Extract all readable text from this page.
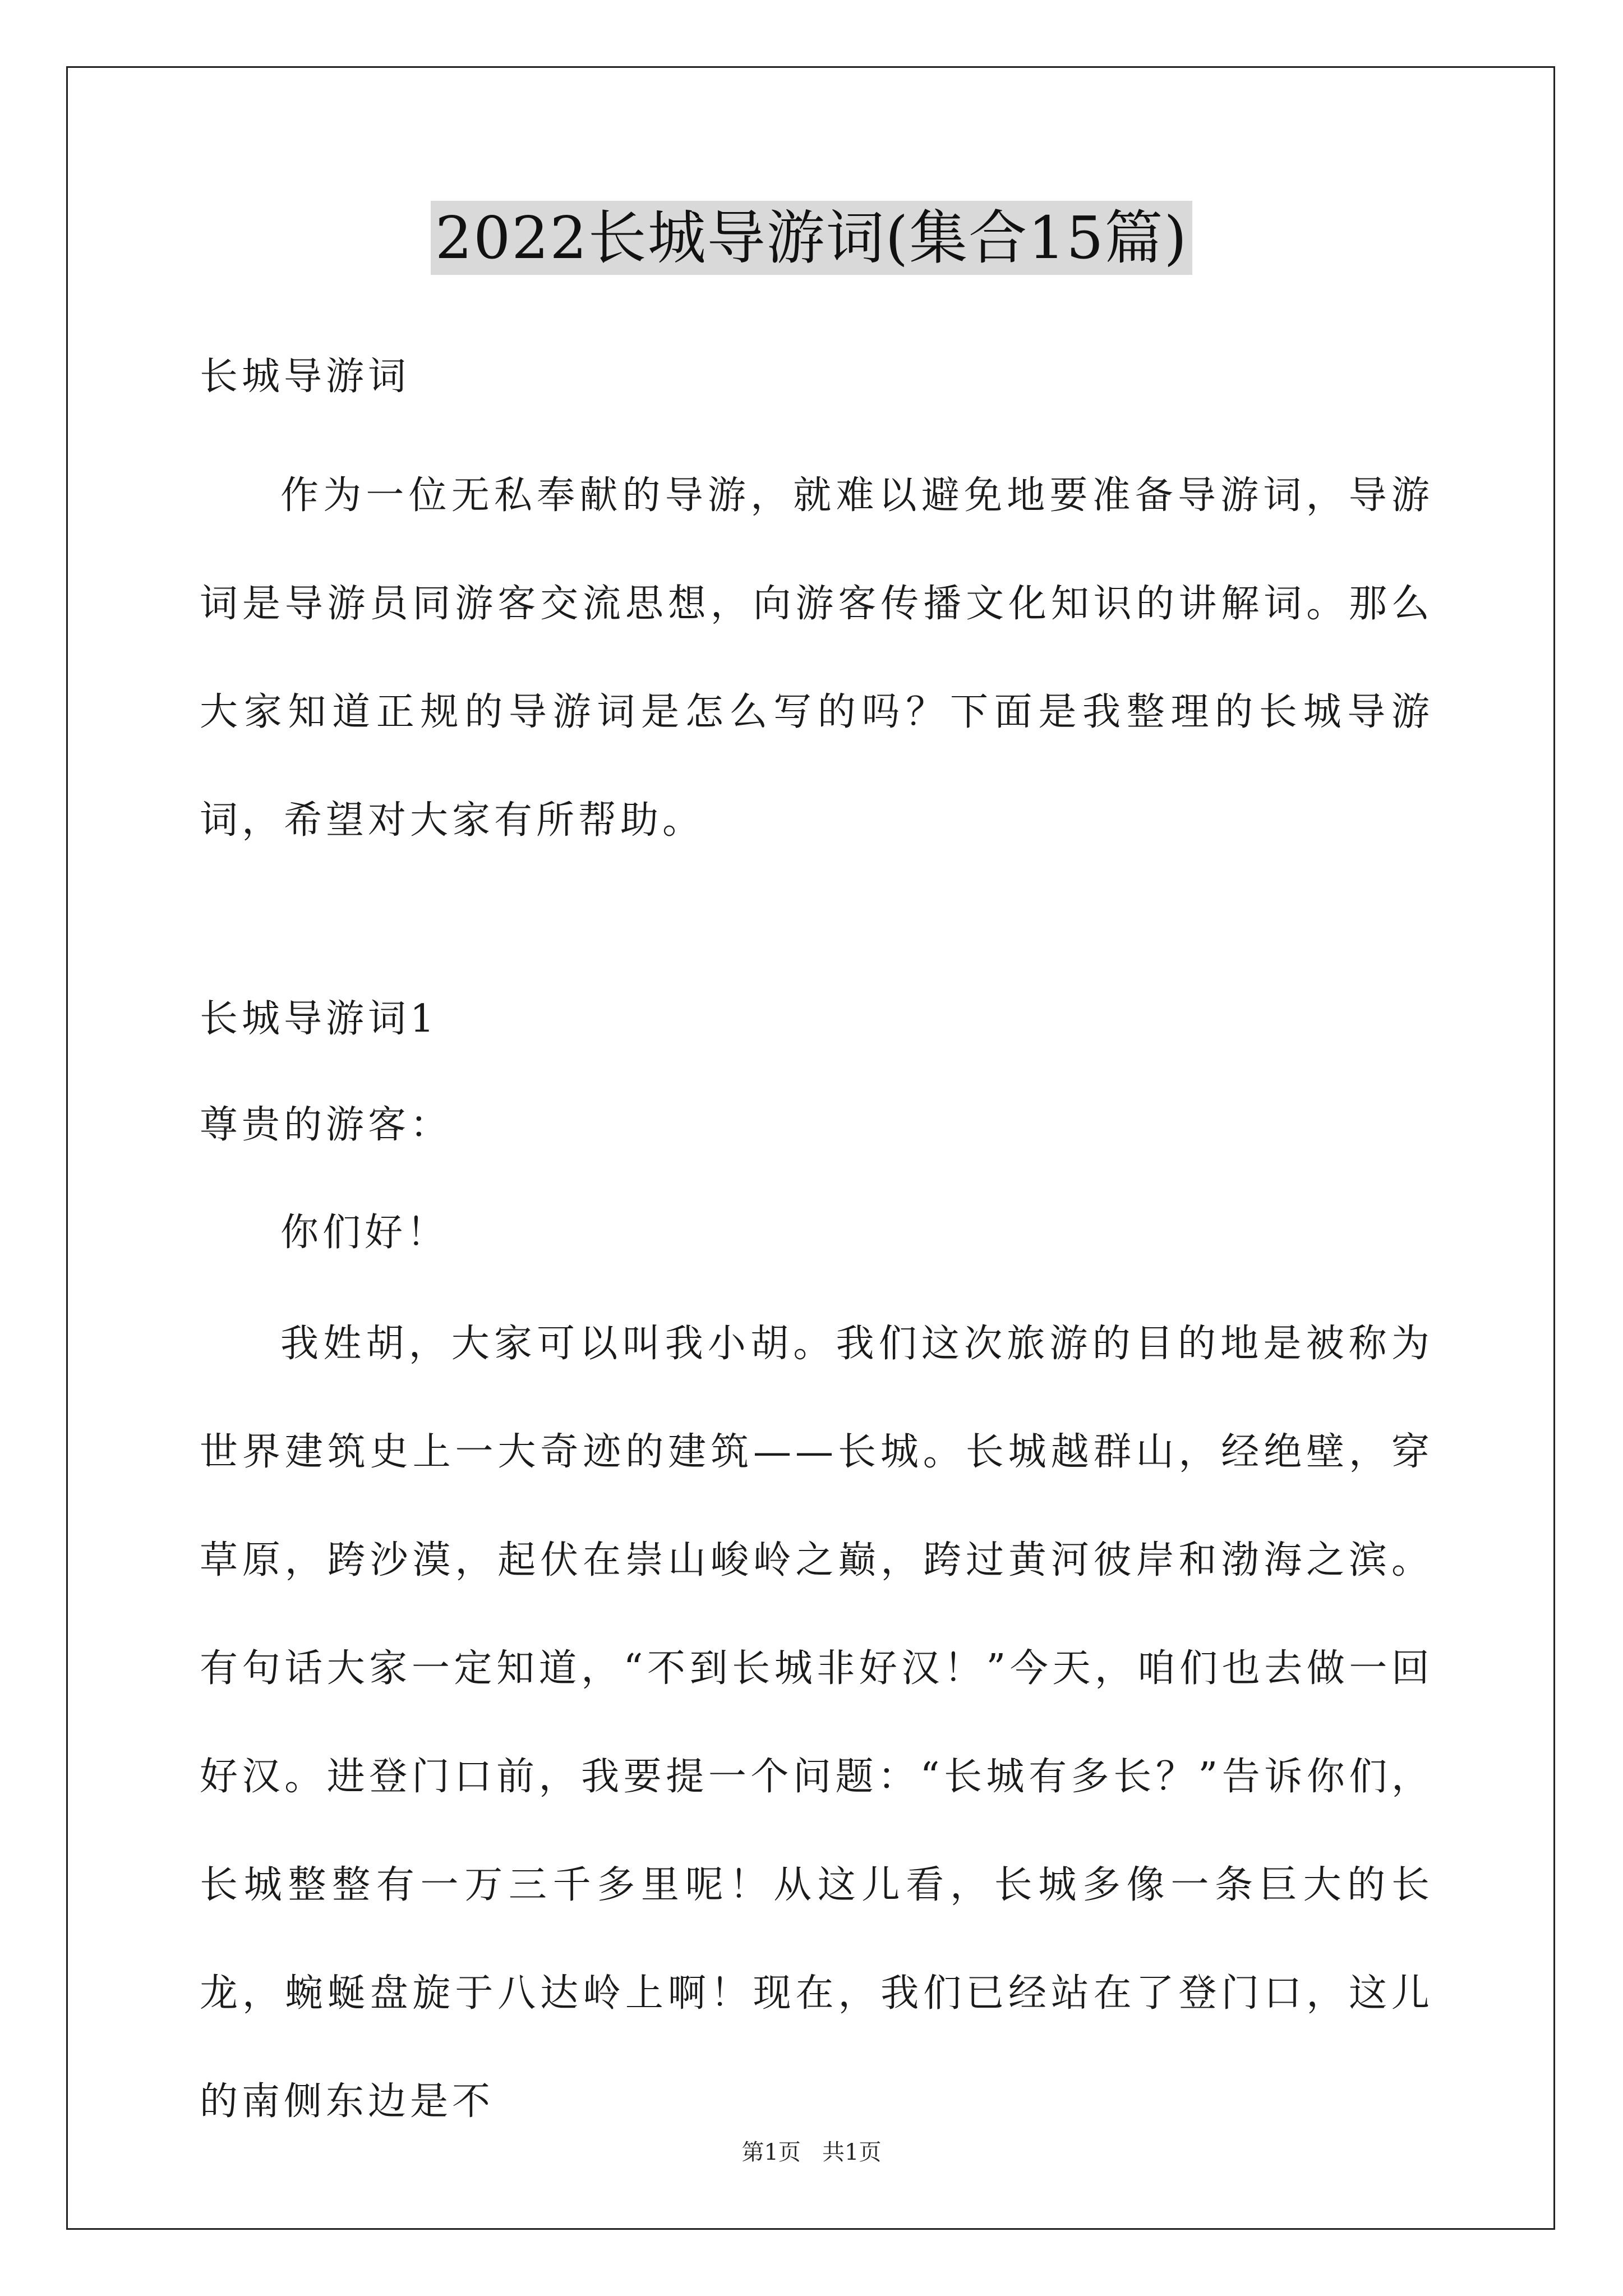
2022长城导游词(集合15篇)
长城导游词

作为一位无私奉献的导游，就难以避免地要准备导游词，导游词是导游员同游客交流思想，向游客传播文化知识的讲解词。那么大家知道正规的导游词是怎么写的吗？下面是我整理的长城导游词，希望对大家有所帮助。

长城导游词1
尊贵的游客：
你们好！

我姓胡，大家可以叫我小胡。我们这次旅游的目的地是被称为世界建筑史上一大奇迹的建筑——长城。长城越群山，经绝壁，穿草原，跨沙漠，起伏在崇山峻岭之巅，跨过黄河彼岸和渤海之滨。有句话大家一定知道，“不到长城非好汉！”今天，咱们也去做一回好汉。进登门口前，我要提一个问题：“长城有多长？”告诉你们，长城整整有一万三千多里呢！从这儿看，长城多像一条巨大的长龙，蜿蜒盘旋于八达岭上啊！现在，我们已经站在了登门口，这儿的南侧东边是不

第1页   共1页
